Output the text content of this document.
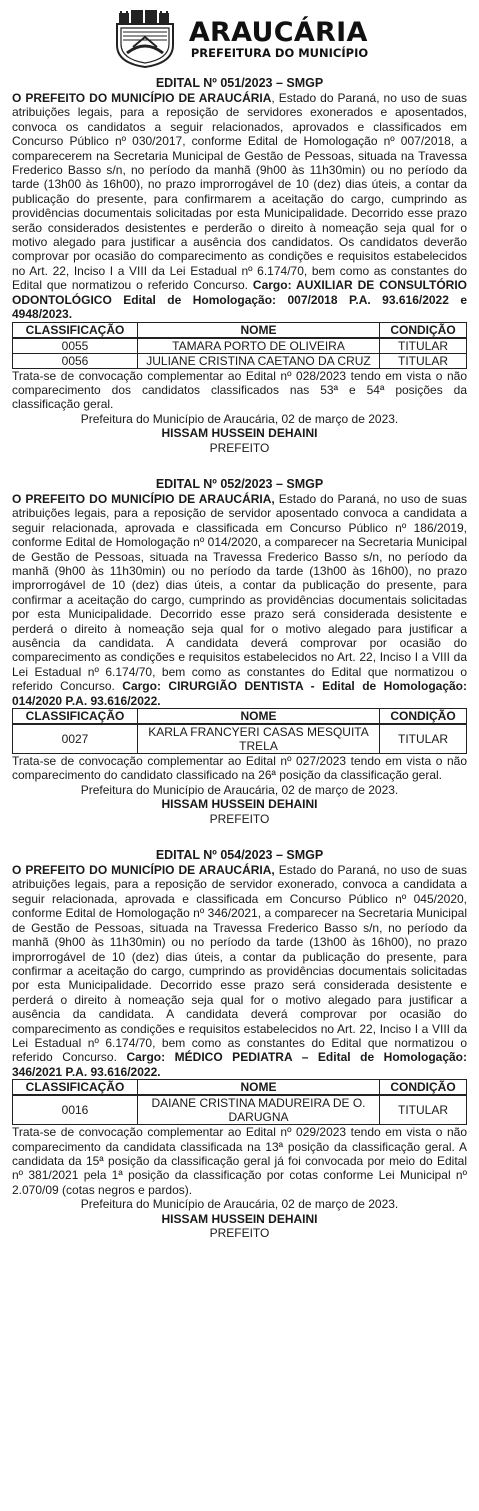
ARAUCÁRIA
PREFEITURA DO MUNICÍPIO

EDITAL Nº 051/2023 – SMGP

O PREFEITO DO MUNICÍPIO DE ARAUCÁRIA, Estado do Paraná, no uso de suas atribuições legais, para a reposição de servidores exonerados e aposentados, convoca os candidatos a seguir relacionados, aprovados e classificados em Concurso Público nº 030/2017, conforme Edital de Homologação nº 007/2018, a comparecerem na Secretaria Municipal de Gestão de Pessoas, situada na Travessa Frederico Basso s/n, no período da manhã (9h00 às 11h30min) ou no período da tarde (13h00 às 16h00), no prazo improrrogável de 10 (dez) dias úteis, a contar da publicação do presente, para confirmarem a aceitação do cargo, cumprindo as providências documentais solicitadas por esta Municipalidade. Decorrido esse prazo serão considerados desistentes e perderão o direito à nomeação seja qual for o motivo alegado para justificar a ausência dos candidatos. Os candidatos deverão comprovar por ocasião do comparecimento as condições e requisitos estabelecidos no Art. 22, Inciso I a VIII da Lei Estadual nº 6.174/70, bem como as constantes do Edital que normatizou o referido Concurso. Cargo: AUXILIAR DE CONSULTÓRIO ODONTOLÓGICO Edital de Homologação: 007/2018 P.A. 93.616/2022 e 4948/2023.

CLASSIFICAÇÃO	NOME	CONDIÇÃO
0055	TAMARA PORTO DE OLIVEIRA	TITULAR
0056	JULIANE CRISTINA CAETANO DA CRUZ	TITULAR

Trata-se de convocação complementar ao Edital nº 028/2023 tendo em vista o não comparecimento dos candidatos classificados nas 53ª e 54ª posições da classificação geral.

Prefeitura do Município de Araucária, 02 de março de 2023.

HISSAM HUSSEIN DEHAINI

PREFEITO

EDITAL Nº 052/2023 – SMGP

O PREFEITO DO MUNICÍPIO DE ARAUCÁRIA, Estado do Paraná, no uso de suas atribuições legais, para a reposição de servidor aposentado convoca a candidata a seguir relacionada, aprovada e classificada em Concurso Público nº 186/2019, conforme Edital de Homologação nº 014/2020, a comparecer na Secretaria Municipal de Gestão de Pessoas, situada na Travessa Frederico Basso s/n, no período da manhã (9h00 às 11h30min) ou no período da tarde (13h00 às 16h00), no prazo improrrogável de 10 (dez) dias úteis, a contar da publicação do presente, para confirmar a aceitação do cargo, cumprindo as providências documentais solicitadas por esta Municipalidade. Decorrido esse prazo será considerada desistente e perderá o direito à nomeação seja qual for o motivo alegado para justificar a ausência da candidata. A candidata deverá comprovar por ocasião do comparecimento as condições e requisitos estabelecidos no Art. 22, Inciso I a VIII da Lei Estadual nº 6.174/70, bem como as constantes do Edital que normatizou o referido Concurso. Cargo: CIRURGIÃO DENTISTA - Edital de Homologação: 014/2020 P.A. 93.616/2022.

CLASSIFICAÇÃO	NOME	CONDIÇÃO
0027	KARLA FRANCYERI CASAS MESQUITA TRELA	TITULAR

Trata-se de convocação complementar ao Edital nº 027/2023 tendo em vista o não comparecimento do candidato classificado na 26ª posição da classificação geral.

Prefeitura do Município de Araucária, 02 de março de 2023.

HISSAM HUSSEIN DEHAINI

PREFEITO

EDITAL Nº 054/2023 – SMGP

O PREFEITO DO MUNICÍPIO DE ARAUCÁRIA, Estado do Paraná, no uso de suas atribuições legais, para a reposição de servidor exonerado, convoca a candidata a seguir relacionada, aprovada e classificada em Concurso Público nº 045/2020, conforme Edital de Homologação nº 346/2021, a comparecer na Secretaria Municipal de Gestão de Pessoas, situada na Travessa Frederico Basso s/n, no período da manhã (9h00 às 11h30min) ou no período da tarde (13h00 às 16h00), no prazo improrrogável de 10 (dez) dias úteis, a contar da publicação do presente, para confirmar a aceitação do cargo, cumprindo as providências documentais solicitadas por esta Municipalidade. Decorrido esse prazo será considerada desistente e perderá o direito à nomeação seja qual for o motivo alegado para justificar a ausência da candidata. A candidata deverá comprovar por ocasião do comparecimento as condições e requisitos estabelecidos no Art. 22, Inciso I a VIII da Lei Estadual nº 6.174/70, bem como as constantes do Edital que normatizou o referido Concurso. Cargo: MÉDICO PEDIATRA – Edital de Homologação: 346/2021 P.A. 93.616/2022.

CLASSIFICAÇÃO	NOME	CONDIÇÃO
0016	DAIANE CRISTINA MADUREIRA DE O. DARUGNA	TITULAR

Trata-se de convocação complementar ao Edital nº 029/2023 tendo em vista o não comparecimento da candidata classificada na 13ª posição da classificação geral. A candidata da 15ª posição da classificação geral já foi convocada por meio do Edital nº 381/2021 pela 1ª posição da classificação por cotas conforme Lei Municipal nº 2.070/09 (cotas negros e pardos).

Prefeitura do Município de Araucária, 02 de março de 2023.

HISSAM HUSSEIN DEHAINI

PREFEITO
